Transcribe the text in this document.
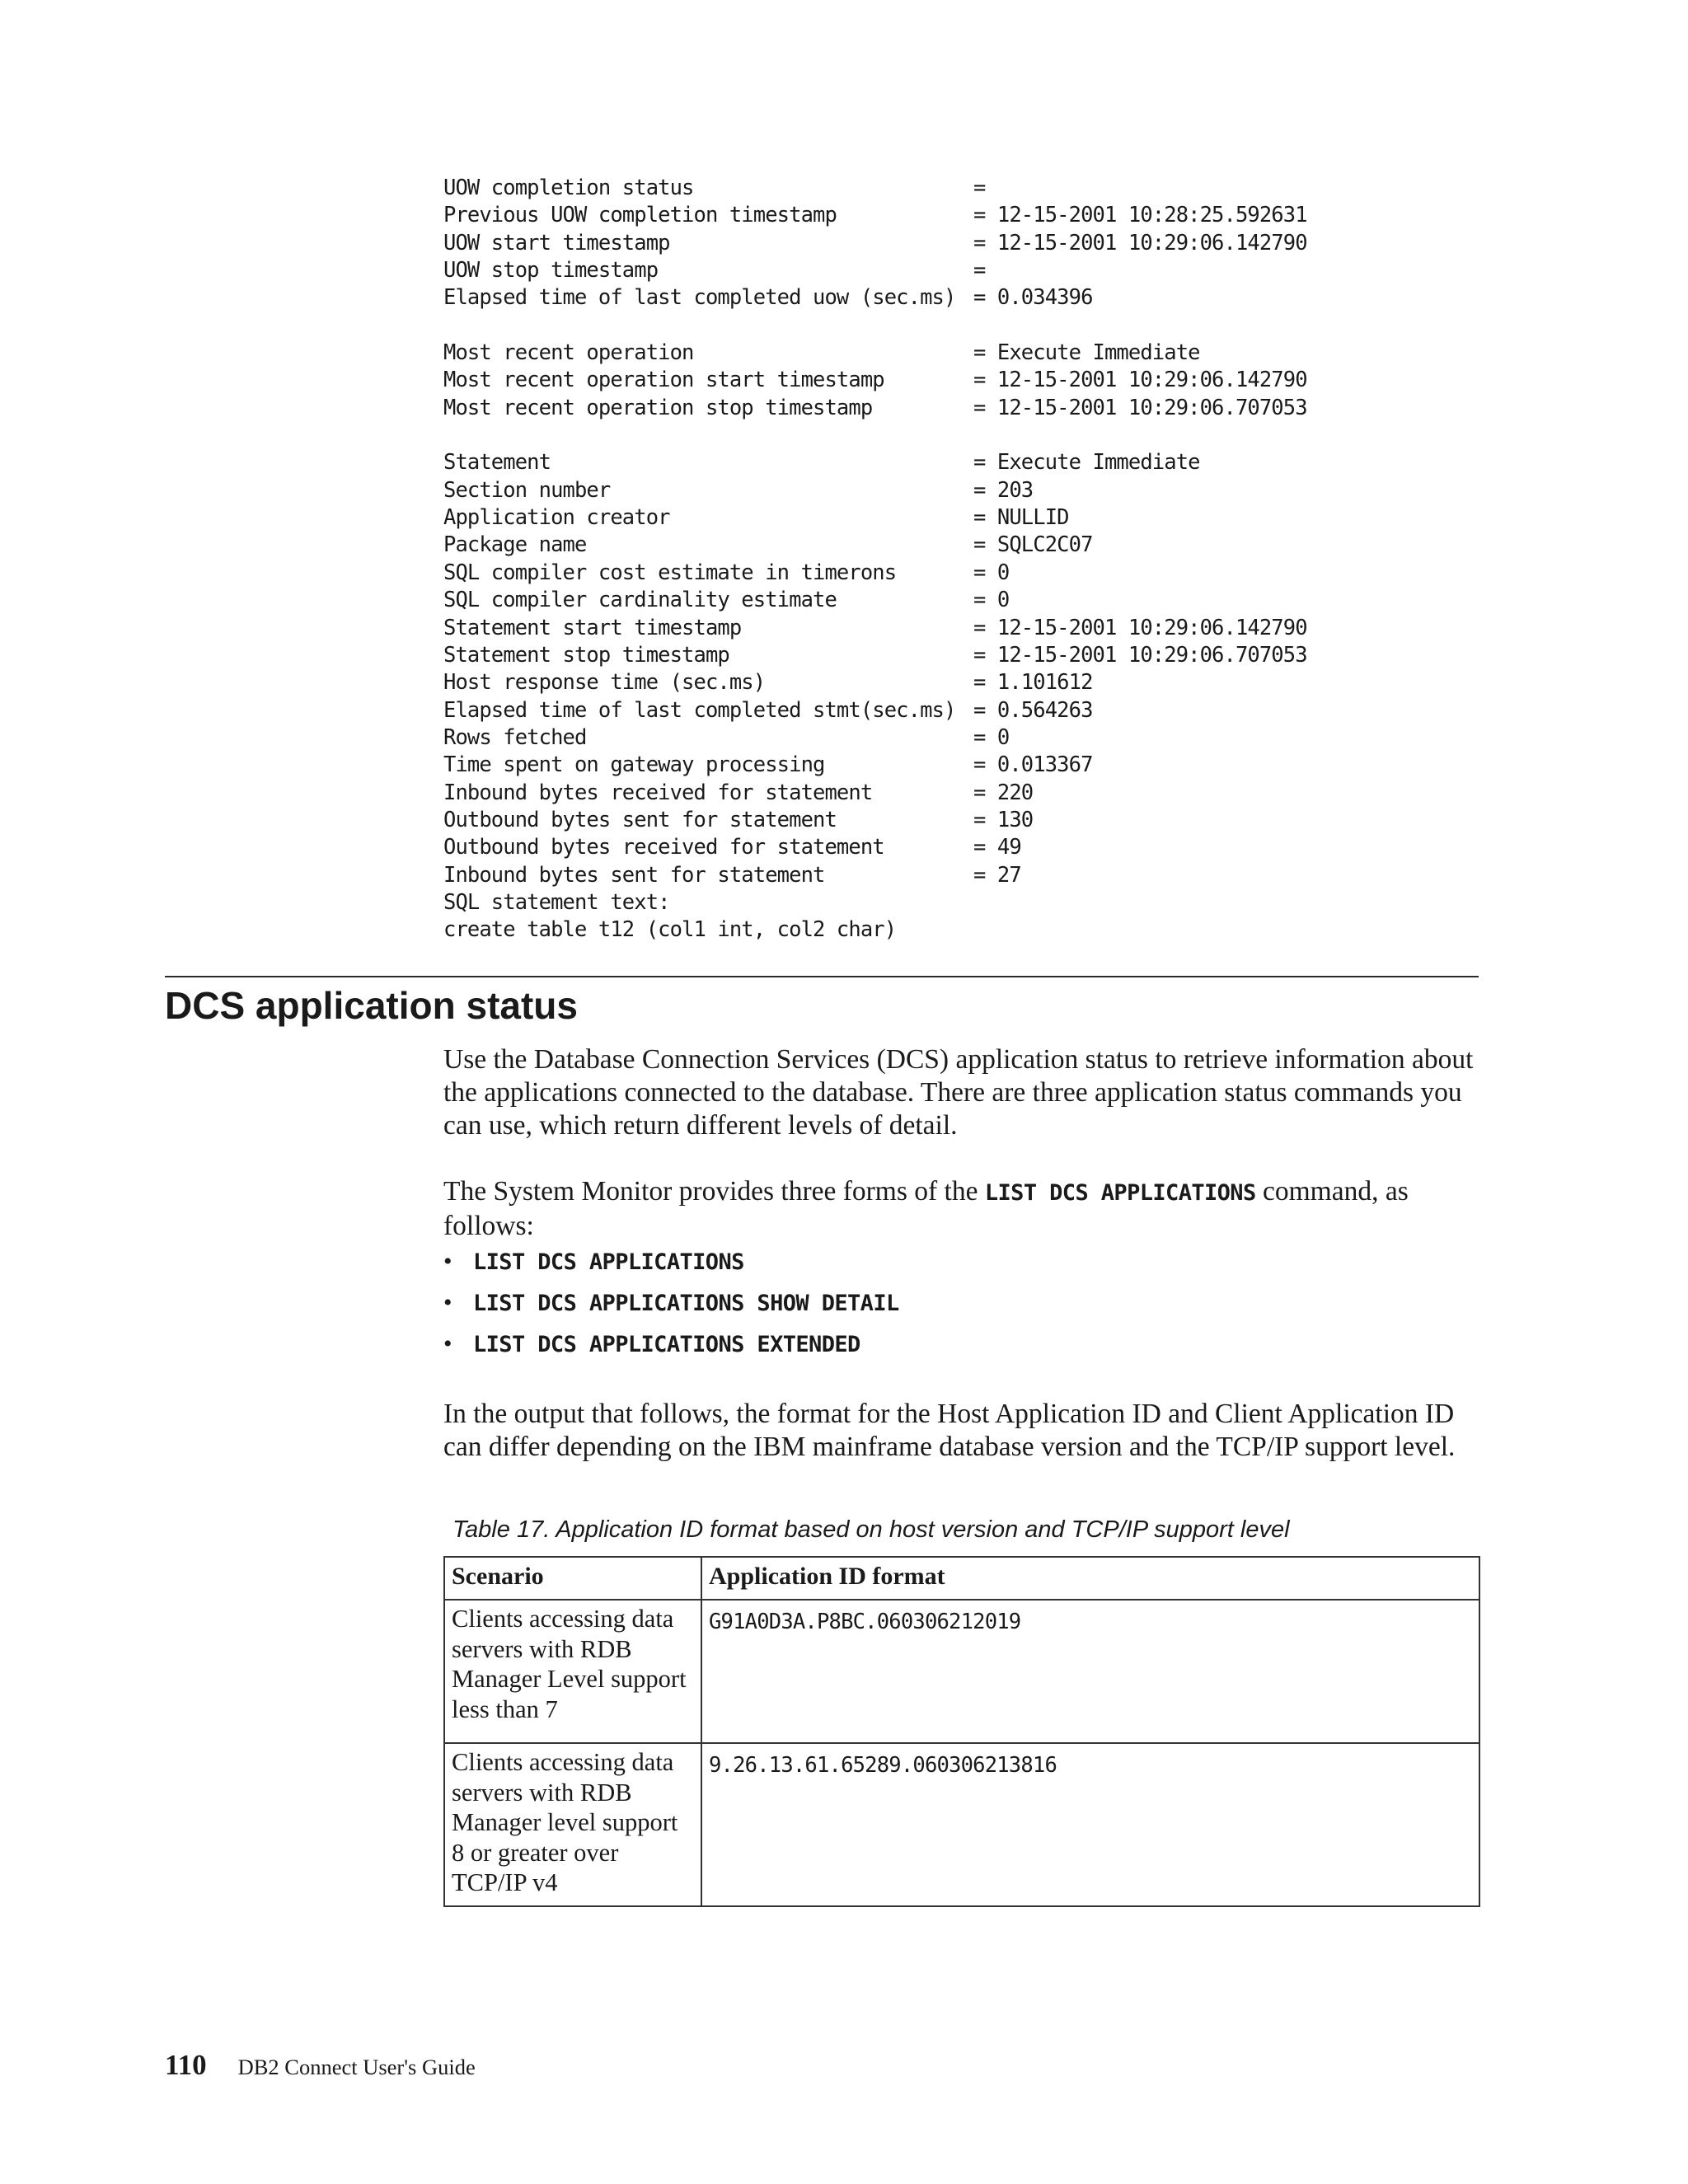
UOW completion status	=
Previous UOW completion timestamp	= 12-15-2001 10:28:25.592631
UOW start timestamp	= 12-15-2001 10:29:06.142790
UOW stop timestamp	=
Elapsed time of last completed uow (sec.ms) = 0.034396
Most recent operation	= Execute Immediate
Most recent operation start timestamp	= 12-15-2001 10:29:06.142790
Most recent operation stop timestamp	= 12-15-2001 10:29:06.707053
Statement	= Execute Immediate
Section number	= 203
Application creator	= NULLID
Package name	= SQLC2C07
SQL compiler cost estimate in timerons	= 0
SQL compiler cardinality estimate	= 0
Statement start timestamp	= 12-15-2001 10:29:06.142790
Statement stop timestamp	= 12-15-2001 10:29:06.707053
Host response time (sec.ms)	= 1.101612
Elapsed time of last completed stmt(sec.ms) = 0.564263
Rows fetched	= 0
Time spent on gateway processing	= 0.013367
Inbound bytes received for statement	= 220
Outbound bytes sent for statement	= 130
Outbound bytes received for statement	= 49
Inbound bytes sent for statement	= 27
SQL statement text:
create table t12 (col1 int, col2 char)
DCS application status

Use the Database Connection Services (DCS) application status to retrieve information about the applications connected to the database. There are three application status commands you can use, which return different levels of detail.

The System Monitor provides three forms of the LIST DCS APPLICATIONS command, as follows:

• LIST DCS APPLICATIONS
• LIST DCS APPLICATIONS SHOW DETAIL
• LIST DCS APPLICATIONS EXTENDED

In the output that follows, the format for the Host Application ID and Client Application ID can differ depending on the IBM mainframe database version and the TCP/IP support level.

Table 17. Application ID format based on host version and TCP/IP support level
Scenario	Application ID format
Clients accessing data servers with RDB Manager Level support less than 7	G91A0D3A.P8BC.060306212019
Clients accessing data servers with RDB Manager level support 8 or greater over TCP/IP v4	9.26.13.61.65289.060306213816
110 DB2 Connect User's Guide
